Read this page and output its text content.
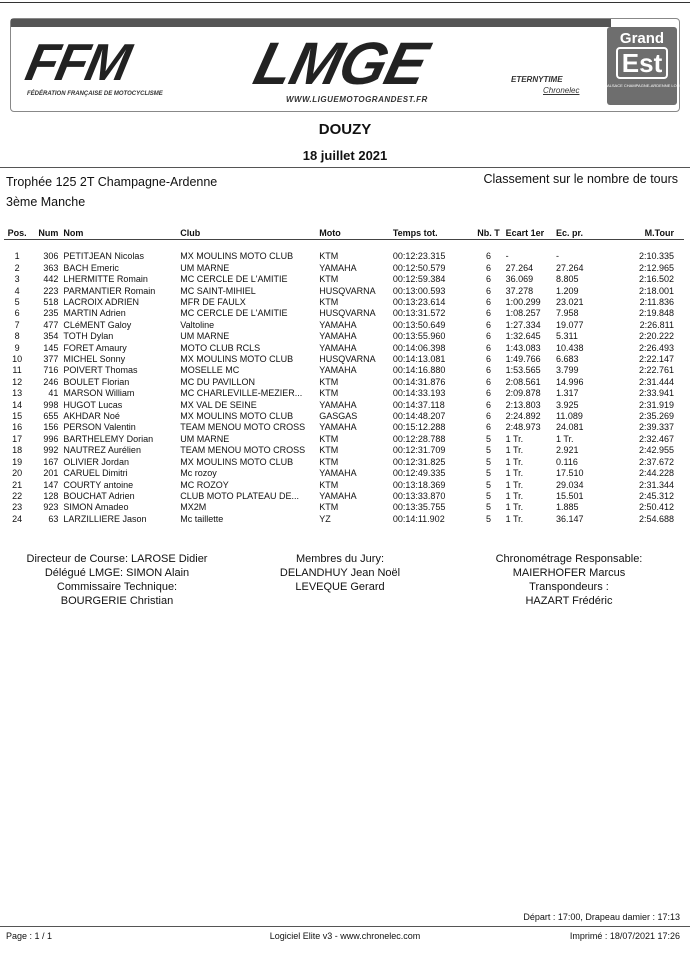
FFM
FÉDÉRATION FRANÇAISE DE MOTOCYCLISME	LMGE
WWW.LIGUEMOTOGRANDEST.FR
ETERNYTIME
Chronelec
Grand
Est
ALSACE CHAMPAGNE-ARDENNE LORRAINE
DOUZY
18 juillet 2021
Trophée 125 2T Champagne-Ardenne	Classement sur le nombre de tours
3ème Manche
Pos.	Num	Nom	Club	Moto	Temps tot.	Nb. T	Ecart 1er	Ec. pr.	M.Tour

1	306	PETITJEAN Nicolas	MX MOULINS MOTO CLUB	KTM	00:12:23.315	6	-	-	2:10.335
2	363	BACH Emeric	UM MARNE	YAMAHA	00:12:50.579	6	27.264	27.264	2:12.965
3	442	LHERMITTE Romain	MC CERCLE DE L'AMITIE	KTM	00:12:59.384	6	36.069	8.805	2:16.502
4	223	PARMANTIER Romain	MC SAINT-MIHIEL	HUSQVARNA	00:13:00.593	6	37.278	1.209	2:18.001
5	518	LACROIX ADRIEN	MFR DE FAULX	KTM	00:13:23.614	6	1:00.299	23.021	2:11.836
6	235	MARTIN Adrien	MC CERCLE DE L'AMITIE	HUSQVARNA	00:13:31.572	6	1:08.257	7.958	2:19.848
7	477	CLéMENT Galoy	Valtoline	YAMAHA	00:13:50.649	6	1:27.334	19.077	2:26.811
8	354	TOTH Dylan	UM MARNE	YAMAHA	00:13:55.960	6	1:32.645	5.311	2:20.222
9	145	FORET Amaury	MOTO CLUB RCLS	YAMAHA	00:14:06.398	6	1:43.083	10.438	2:26.493
10	377	MICHEL Sonny	MX MOULINS MOTO CLUB	HUSQVARNA	00:14:13.081	6	1:49.766	6.683	2:22.147
11	716	POIVERT Thomas	MOSELLE MC	YAMAHA	00:14:16.880	6	1:53.565	3.799	2:22.761
12	246	BOULET Florian	MC DU PAVILLON	KTM	00:14:31.876	6	2:08.561	14.996	2:31.444
13	41	MARSON William	MC CHARLEVILLE-MEZIER...	KTM	00:14:33.193	6	2:09.878	1.317	2:33.941
14	998	HUGOT Lucas	MX VAL DE SEINE	YAMAHA	00:14:37.118	6	2:13.803	3.925	2:31.919
15	655	AKHDAR Noé	MX MOULINS MOTO CLUB	GASGAS	00:14:48.207	6	2:24.892	11.089	2:35.269
16	156	PERSON Valentin	TEAM MENOU MOTO CROSS	YAMAHA	00:15:12.288	6	2:48.973	24.081	2:39.337
17	996	BARTHELEMY Dorian	UM MARNE	KTM	00:12:28.788	5	1 Tr.	1 Tr.	2:32.467
18	992	NAUTREZ Aurélien	TEAM MENOU MOTO CROSS	KTM	00:12:31.709	5	1 Tr.	2.921	2:42.955
19	167	OLIVIER Jordan	MX MOULINS MOTO CLUB	KTM	00:12:31.825	5	1 Tr.	0.116	2:37.672
20	201	CARUEL Dimitri	Mc rozoy	YAMAHA	00:12:49.335	5	1 Tr.	17.510	2:44.228
21	147	COURTY antoine	MC ROZOY	KTM	00:13:18.369	5	1 Tr.	29.034	2:31.344
22	128	BOUCHAT Adrien	CLUB MOTO PLATEAU DE...	YAMAHA	00:13:33.870	5	1 Tr.	15.501	2:45.312
23	923	SIMON Amadeo	MX2M	KTM	00:13:35.755	5	1 Tr.	1.885	2:50.412
24	63	LARZILLIERE Jason	Mc taillette	YZ	00:14:11.902	5	1 Tr.	36.147	2:54.688
Directeur de Course: LAROSE Didier
Délégué LMGE: SIMON Alain
Commissaire Technique:
BOURGERIE Christian
Membres du Jury:
DELANDHUY Jean Noël
LEVEQUE Gerard
Chronométrage Responsable:
MAIERHOFER Marcus
Transpondeurs :
HAZART Frédéric
Départ : 17:00, Drapeau damier : 17:13
Page : 1 / 1	Logiciel Elite v3 - www.chronelec.com	Imprimé : 18/07/2021 17:26
